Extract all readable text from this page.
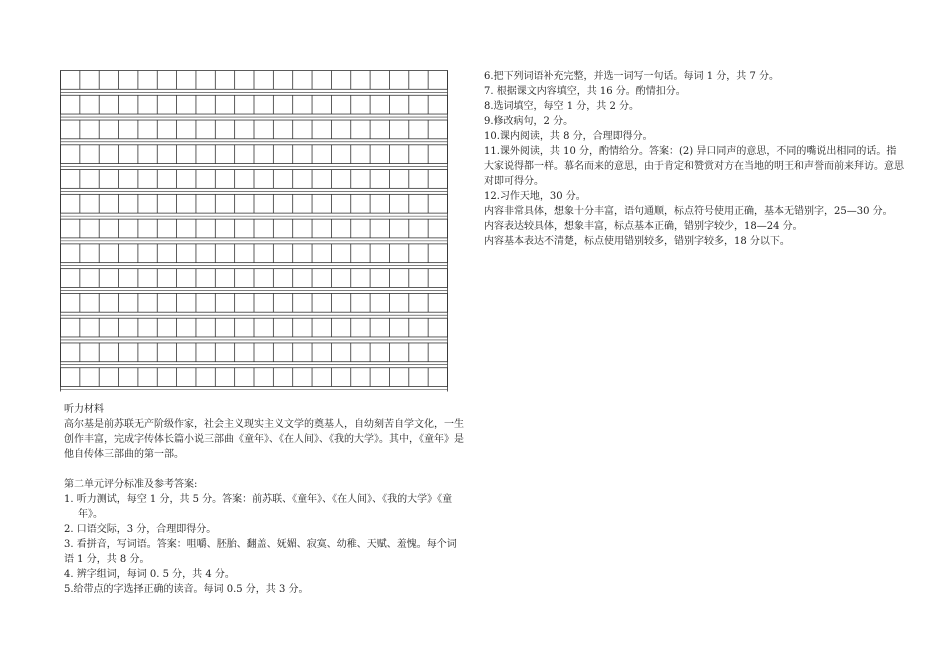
听力材料

高尔基是前苏联无产阶级作家，社会主义现实主义文学的奠基人，自幼刻苦自学文化，一生创作丰富，完成字传体长篇小说三部曲《童年》、《在人间》、《我的大学》。其中，《童年》是他自传体三部曲的第一部。

第二单元评分标准及参考答案:

1. 听力测试，每空 1 分，共 5 分。答案：前苏联、《童年》、《在人间》、《我的大学》《童

年》。

2. 口语交际，3 分，合理即得分。

3. 看拼音，写词语。答案：咀嚼、胚胎、翻盖、妩媚、寂寞、幼稚、天赋、羞愧。每个词语 1 分，共 8 分。

4. 辨字组词，每词 0. 5 分，共 4 分。

5.给带点的字选择正确的读音。每词 0.5 分，共 3 分。

6.把下列词语补充完整，并选一词写一句话。每词 1 分，共 7 分。

7. 根据课文内容填空，共 16 分。酌情扣分。

8.选词填空，每空 1 分，共 2 分。

9.修改病句，2 分。

10.课内阅读，共 8 分，合理即得分。

11.课外阅读，共 10 分，酌情给分。答案：(2) 异口同声的意思，不同的嘴说出相同的话。指大家说得都一样。慕名而来的意思，由于肯定和赞赏对方在当地的明王和声誉而前来拜访。意思对即可得分。

12.习作天地，30 分。

内容非常具体，想象十分丰富，语句通顺，标点符号使用正确，基本无错别字，25—30 分。

内容表达较具体，想象丰富，标点基本正确，错别字较少，18—24 分。

内容基本表达不清楚，标点使用错别较多，错别字较多，18 分以下。
